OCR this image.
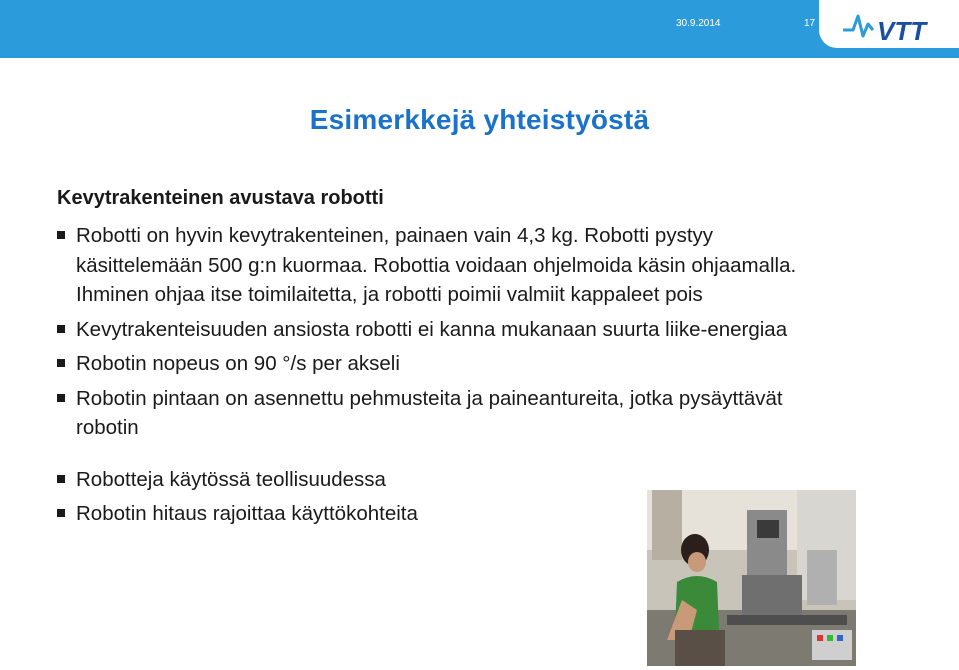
30.9.2014	17 VTT
Esimerkkejä yhteistyöstä
Kevytrakenteinen avustava robotti
Robotti on hyvin kevytrakenteinen, painaen vain 4,3 kg. Robotti pystyy käsittelemään 500 g:n kuormaa. Robottia voidaan ohjelmoida käsin ohjaamalla. Ihminen ohjaa itse toimilaitetta, ja robotti poimii valmiit kappaleet pois
Kevytrakenteisuuden ansiosta robotti ei kanna mukanaan suurta liike-energiaa
Robotin nopeus on 90 °/s per akseli
Robotin pintaan on asennettu pehmusteita ja paineantureita, jotka pysäyttävät robotin
Robotteja käytössä teollisuudessa
Robotin hitaus rajoittaa käyttökohteita
